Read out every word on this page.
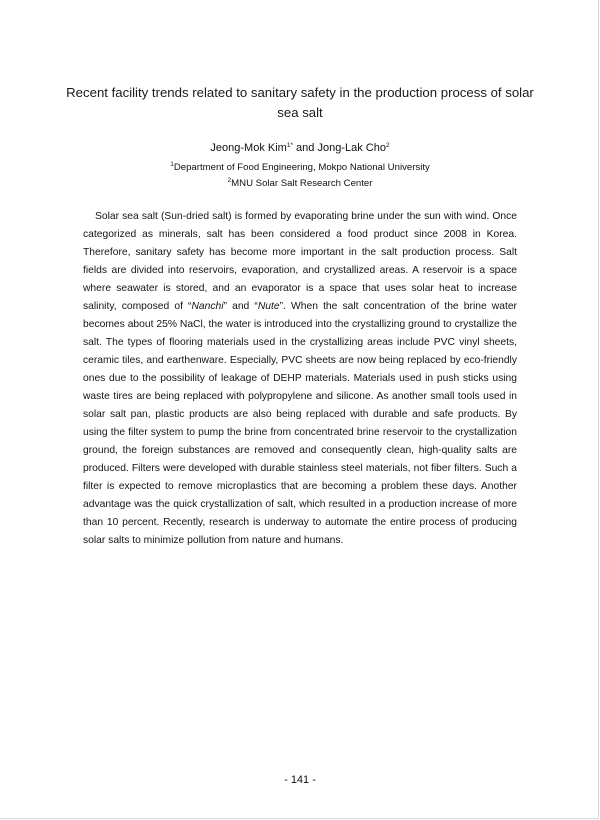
Recent facility trends related to sanitary safety in the production process of solar sea salt
Jeong-Mok Kim$^{1*}$ and Jong-Lak Cho$^2$
$^1$Department of Food Engineering, Mokpo National University
$^2$MNU Solar Salt Research Center

Solar sea salt (Sun-dried salt) is formed by evaporating brine under the sun with wind. Once categorized as minerals, salt has been considered a food product since 2008 in Korea. Therefore, sanitary safety has become more important in the salt production process. Salt fields are divided into reservoirs, evaporation, and crystallized areas. A reservoir is a space where seawater is stored, and an evaporator is a space that uses solar heat to increase salinity, composed of “Nanchi” and “Nute”. When the salt concentration of the brine water becomes about 25% NaCl, the water is introduced into the crystallizing ground to crystallize the salt. The types of flooring materials used in the crystallizing areas include PVC vinyl sheets, ceramic tiles, and earthenware. Especially, PVC sheets are now being replaced by eco-friendly ones due to the possibility of leakage of DEHP materials. Materials used in push sticks using waste tires are being replaced with polypropylene and silicone. As another small tools used in solar salt pan, plastic products are also being replaced with durable and safe products. By using the filter system to pump the brine from concentrated brine reservoir to the crystallization ground, the foreign substances are removed and consequently clean, high-quality salts are produced. Filters were developed with durable stainless steel materials, not fiber filters. Such a filter is expected to remove microplastics that are becoming a problem these days. Another advantage was the quick crystallization of salt, which resulted in a production increase of more than 10 percent. Recently, research is underway to automate the entire process of producing solar salts to minimize pollution from nature and humans.

- 141 -
